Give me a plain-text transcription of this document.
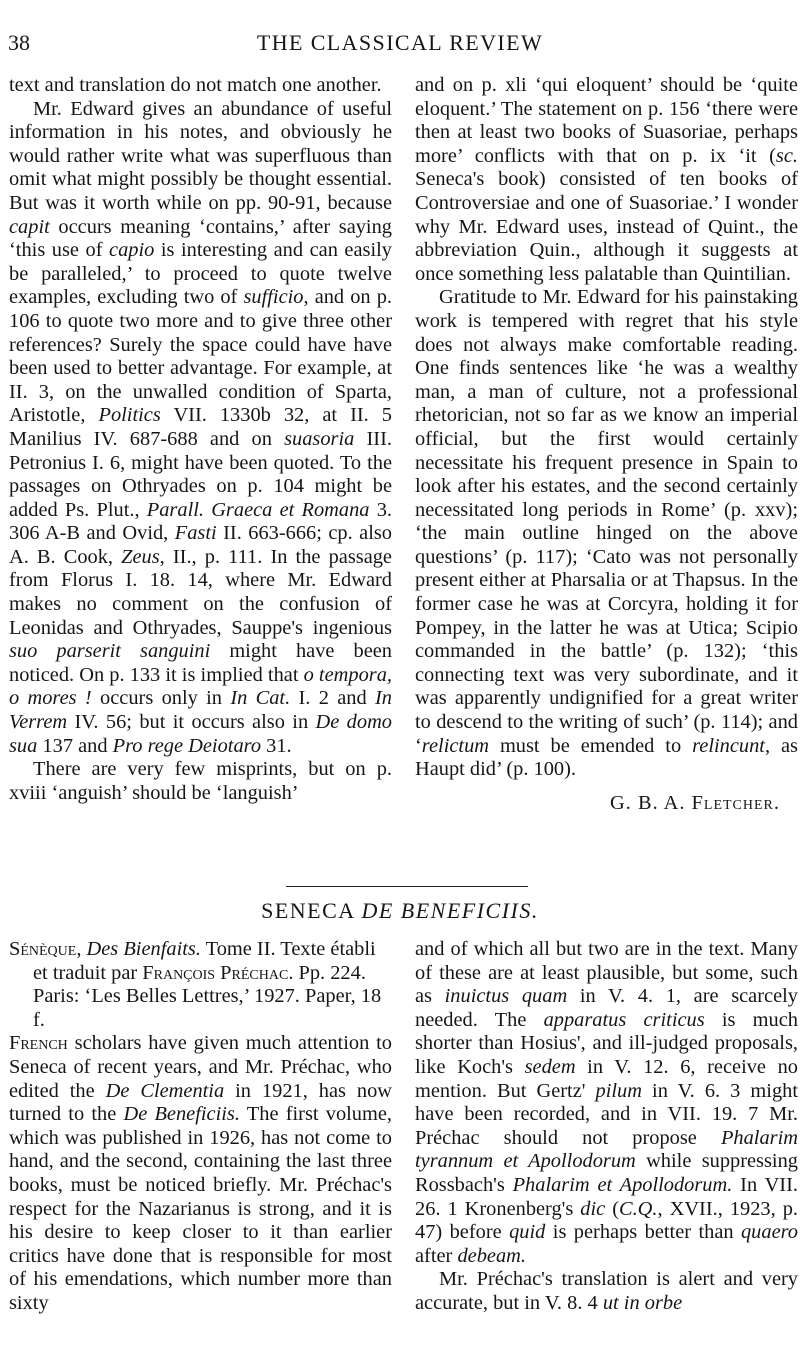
38	THE CLASSICAL REVIEW

text and translation do not match one another.

Mr. Edward gives an abundance of useful information in his notes, and obviously he would rather write what was superfluous than omit what might possibly be thought essential. But was it worth while on pp. 90-91, because capit occurs meaning ‘contains,’ after saying ‘this use of capio is interesting and can easily be paralleled,’ to proceed to quote twelve examples, excluding two of sufficio, and on p. 106 to quote two more and to give three other references? Surely the space could have have been used to better advantage. For example, at II. 3, on the unwalled condition of Sparta, Aristotle, Politics VII. 1330b 32, at II. 5 Manilius IV. 687-688 and on suasoria III. Petronius I. 6, might have been quoted. To the passages on Othryades on p. 104 might be added Ps. Plut., Parall. Graeca et Romana 3. 306 A-B and Ovid, Fasti II. 663-666; cp. also A. B. Cook, Zeus, II., p. 111. In the passage from Florus I. 18. 14, where Mr. Edward makes no comment on the confusion of Leonidas and Othryades, Sauppe's ingenious suo parserit sanguini might have been noticed. On p. 133 it is implied that o tempora, o mores ! occurs only in In Cat. I. 2 and In Verrem IV. 56; but it occurs also in De domo sua 137 and Pro rege Deiotaro 31.

There are very few misprints, but on p. xviii ‘anguish’ should be ‘languish’

and on p. xli ‘qui eloquent’ should be ‘quite eloquent.’ The statement on p. 156 ‘there were then at least two books of Suasoriae, perhaps more’ conflicts with that on p. ix ‘it (sc. Seneca's book) consisted of ten books of Controversiae and one of Suasoriae.’ I wonder why Mr. Edward uses, instead of Quint., the abbreviation Quin., although it suggests at once something less palatable than Quintilian.

Gratitude to Mr. Edward for his painstaking work is tempered with regret that his style does not always make comfortable reading. One finds sentences like ‘he was a wealthy man, a man of culture, not a professional rhetorician, not so far as we know an imperial official, but the first would certainly necessitate his frequent presence in Spain to look after his estates, and the second certainly necessitated long periods in Rome’ (p. xxv); ‘the main outline hinged on the above questions’ (p. 117); ‘Cato was not personally present either at Pharsalia or at Thapsus. In the former case he was at Corcyra, holding it for Pompey, in the latter he was at Utica; Scipio commanded in the battle’ (p. 132); ‘this connecting text was very subordinate, and it was apparently undignified for a great writer to descend to the writing of such’ (p. 114); and ‘relictum must be emended to relincunt, as Haupt did’ (p. 100).

G. B. A. Fletcher.

SENECA DE BENEFICIIS.

Sénèque, Des Bienfaits. Tome II. Texte établi et traduit par François Préchac. Pp. 224. Paris: ‘Les Belles Lettres,’ 1927. Paper, 18 f.

French scholars have given much attention to Seneca of recent years, and Mr. Préchac, who edited the De Clementia in 1921, has now turned to the De Beneficiis. The first volume, which was published in 1926, has not come to hand, and the second, containing the last three books, must be noticed briefly. Mr. Préchac's respect for the Nazarianus is strong, and it is his desire to keep closer to it than earlier critics have done that is responsible for most of his emendations, which number more than sixty

and of which all but two are in the text. Many of these are at least plausible, but some, such as inuictus quam in V. 4. 1, are scarcely needed. The apparatus criticus is much shorter than Hosius', and ill-judged proposals, like Koch's sedem in V. 12. 6, receive no mention. But Gertz' pilum in V. 6. 3 might have been recorded, and in VII. 19. 7 Mr. Préchac should not propose Phalarim tyrannum et Apollodorum while suppressing Rossbach's Phalarim et Apollodorum. In VII. 26. 1 Kronenberg's dic (C.Q., XVII., 1923, p. 47) before quid is perhaps better than quaero after debeam.

Mr. Préchac's translation is alert and very accurate, but in V. 8. 4 ut in orbe
